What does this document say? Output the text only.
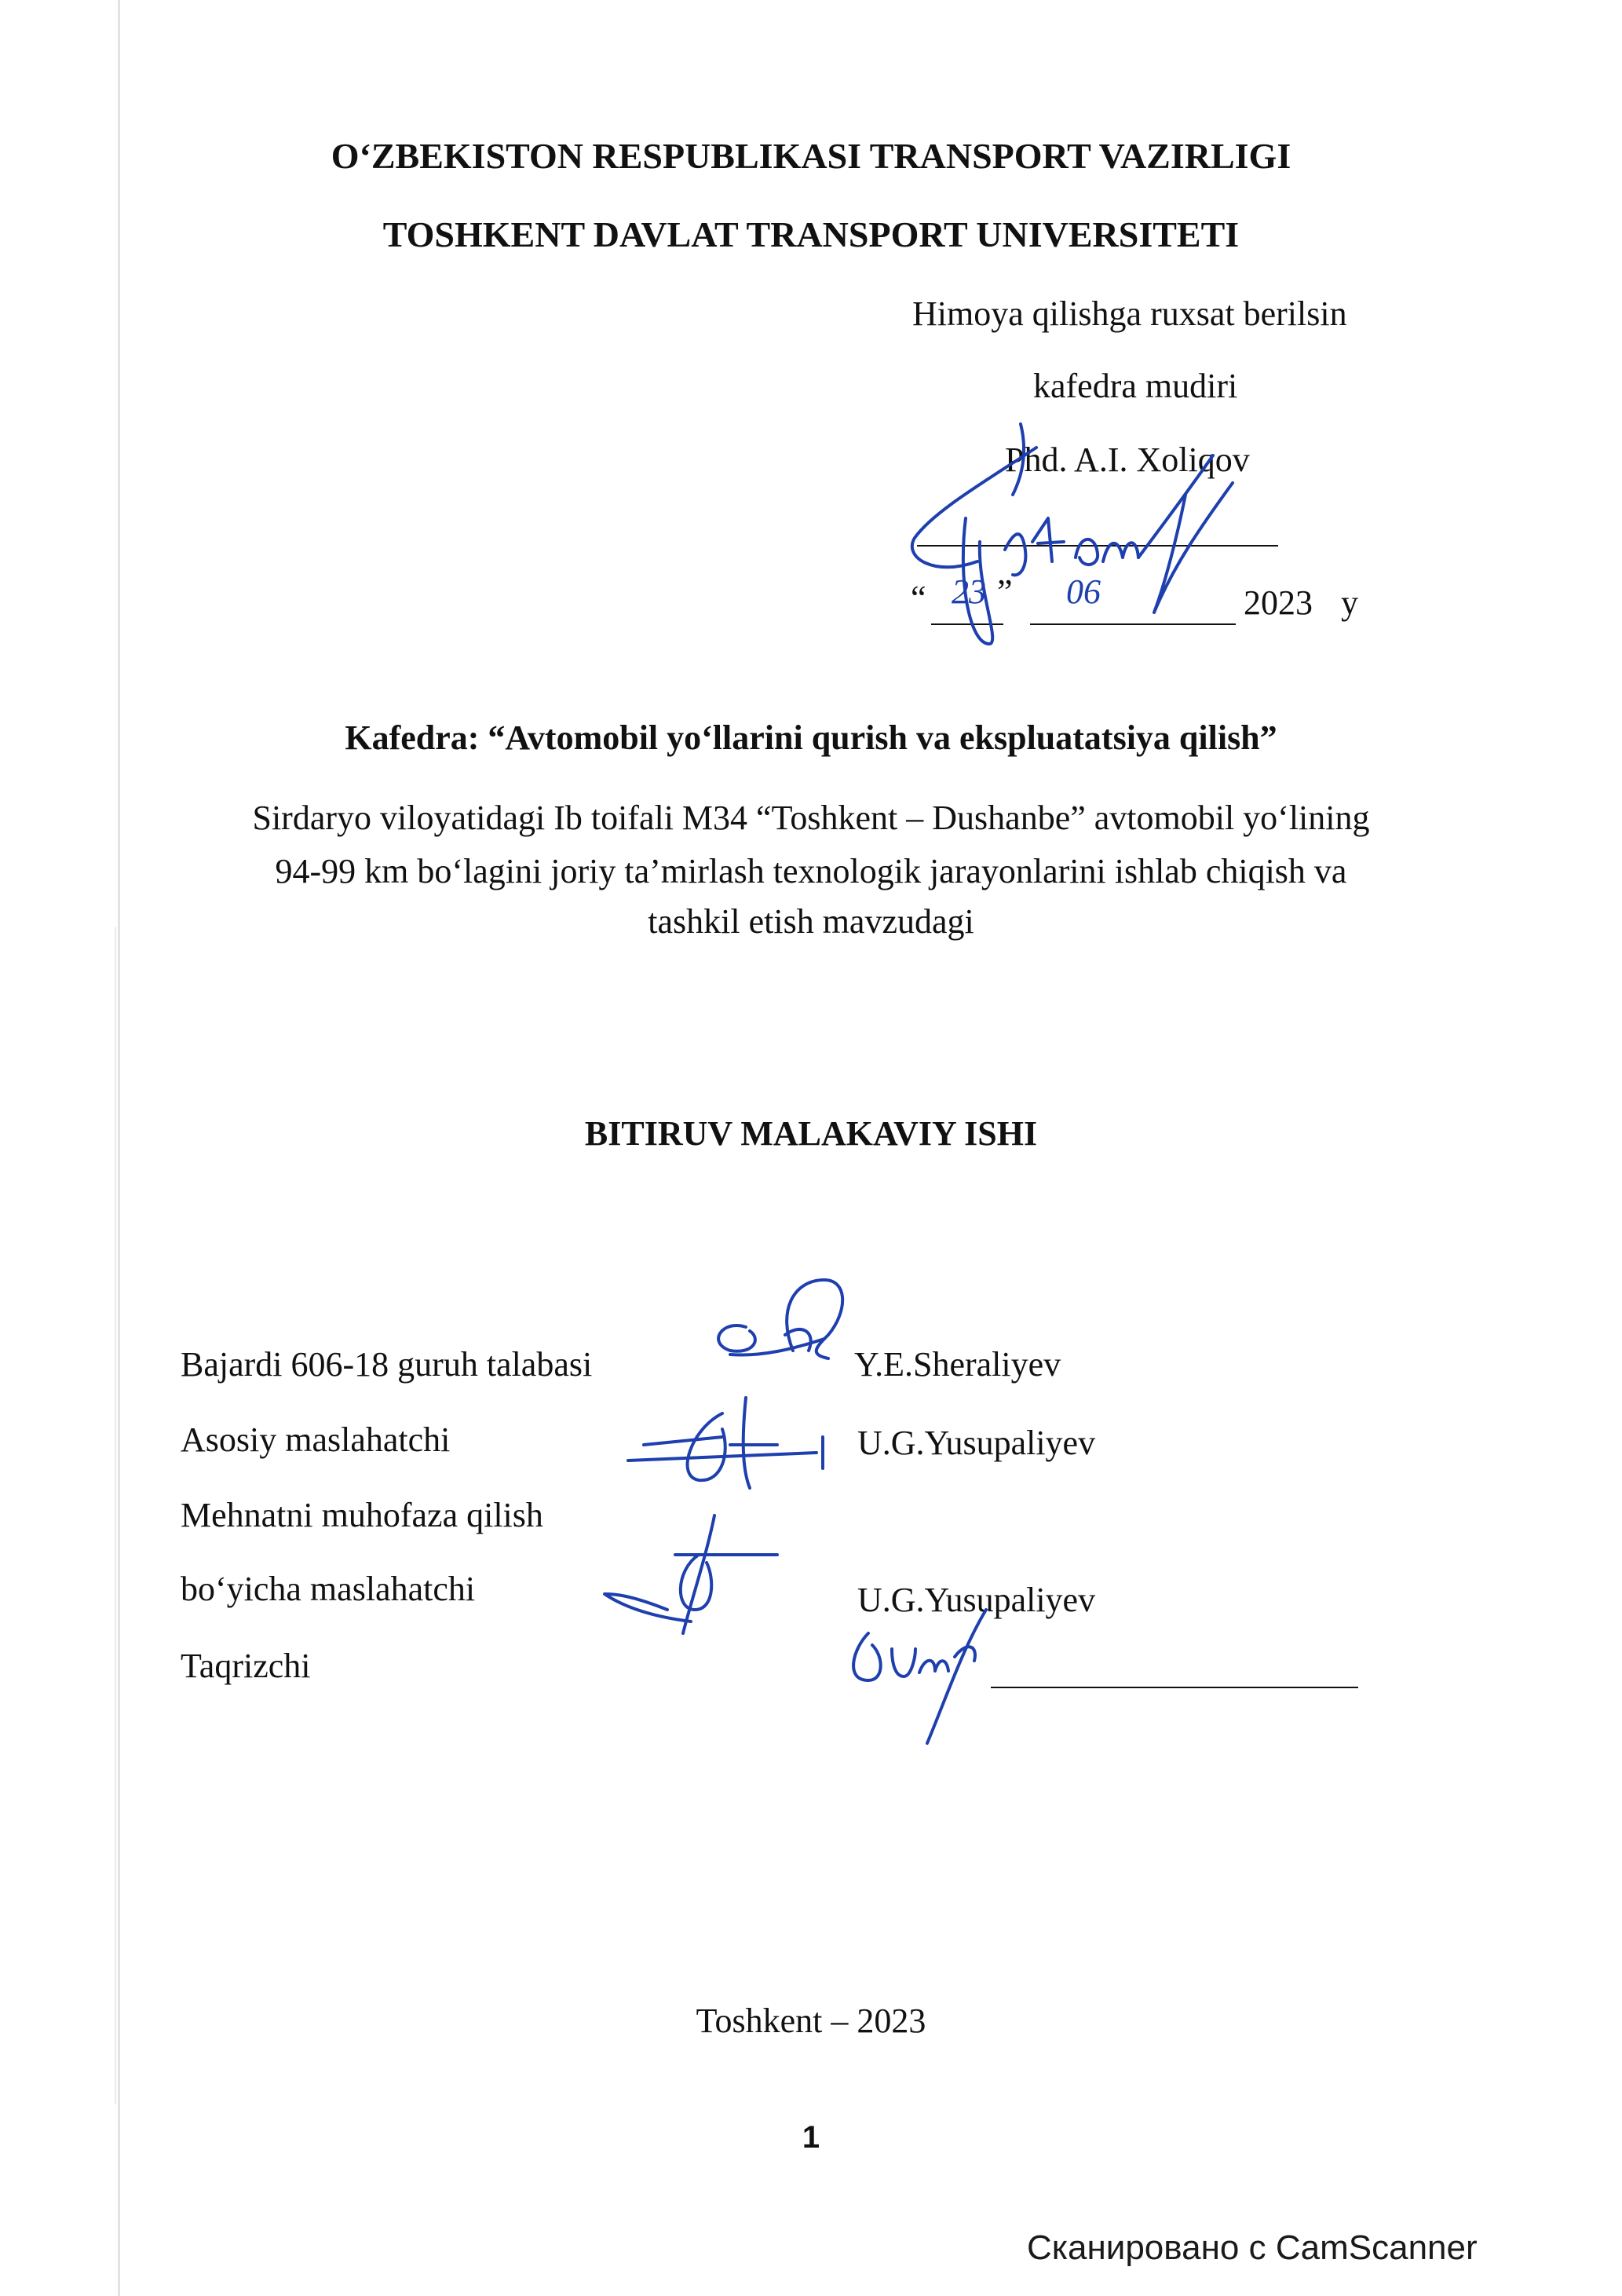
O‘ZBEKISTON RESPUBLIKASI TRANSPORT VAZIRLIGI
TOSHKENT DAVLAT TRANSPORT UNIVERSITETI
Himoya qilishga ruxsat berilsin
kafedra mudiri
Phd. A.I. Xoliqov
“ 23 ” 06	2023 y
Kafedra: “Avtomobil yo‘llarini qurish va ekspluatatsiya qilish”
Sirdaryo viloyatidagi Ib toifali M34 “Toshkent – Dushanbe” avtomobil yo‘lining
94-99 km bo‘lagini joriy ta’mirlash texnologik jarayonlarini ishlab chiqish va
tashkil etish mavzudagi
BITIRUV MALAKAVIY ISHI
Bajardi 606-18 guruh talabasi	Y.E.Sheraliyev
Asosiy maslahatchi	U.G.Yusupaliyev
Mehnatni muhofaza qilish
bo‘yicha maslahatchi	U.G.Yusupaliyev
Taqrizchi
Toshkent – 2023
1
Сканировано с CamScanner
